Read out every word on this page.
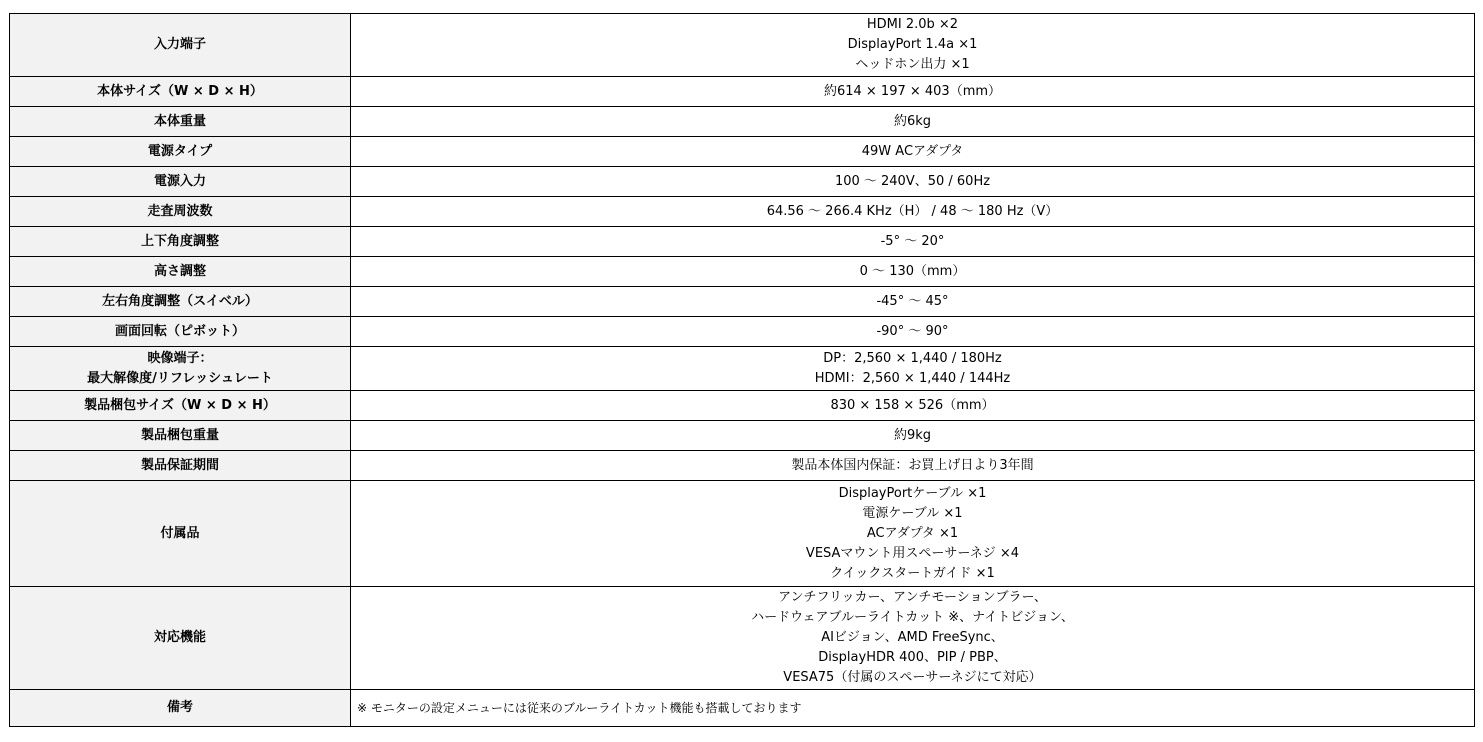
入力端子	HDMI 2.0b ×2
DisplayPort 1.4a ×1
ヘッドホン出力 ×1
本体サイズ（W × D × H）	約614 × 197 × 403（mm）
本体重量	約6kg
電源タイプ	49W ACアダプタ
電源入力	100 ～ 240V、50 / 60Hz
走査周波数	64.56 ～ 266.4 KHz（H） / 48 ～ 180 Hz（V）
上下角度調整	-5° ～ 20°
高さ調整	0 ～ 130（mm）
左右角度調整（スイベル）	-45° ～ 45°
画面回転（ピボット）	-90° ～ 90°
映像端子：
最大解像度/リフレッシュレート	DP：2,560 × 1,440 / 180Hz
HDMI：2,560 × 1,440 / 144Hz
製品梱包サイズ（W × D × H）	830 × 158 × 526（mm）
製品梱包重量	約9kg
製品保証期間	製品本体国内保証：お買上げ日より3年間
付属品	DisplayPortケーブル ×1
電源ケーブル ×1
ACアダプタ ×1
VESAマウント用スペーサーネジ ×4
クイックスタートガイド ×1
対応機能	アンチフリッカー、アンチモーションブラー、
ハードウェアブルーライトカット ※、ナイトビジョン、
AIビジョン、AMD FreeSync、
DisplayHDR 400、PIP / PBP、
VESA75（付属のスペーサーネジにて対応）
備考	※ モニターの設定メニューには従来のブルーライトカット機能も搭載しております
